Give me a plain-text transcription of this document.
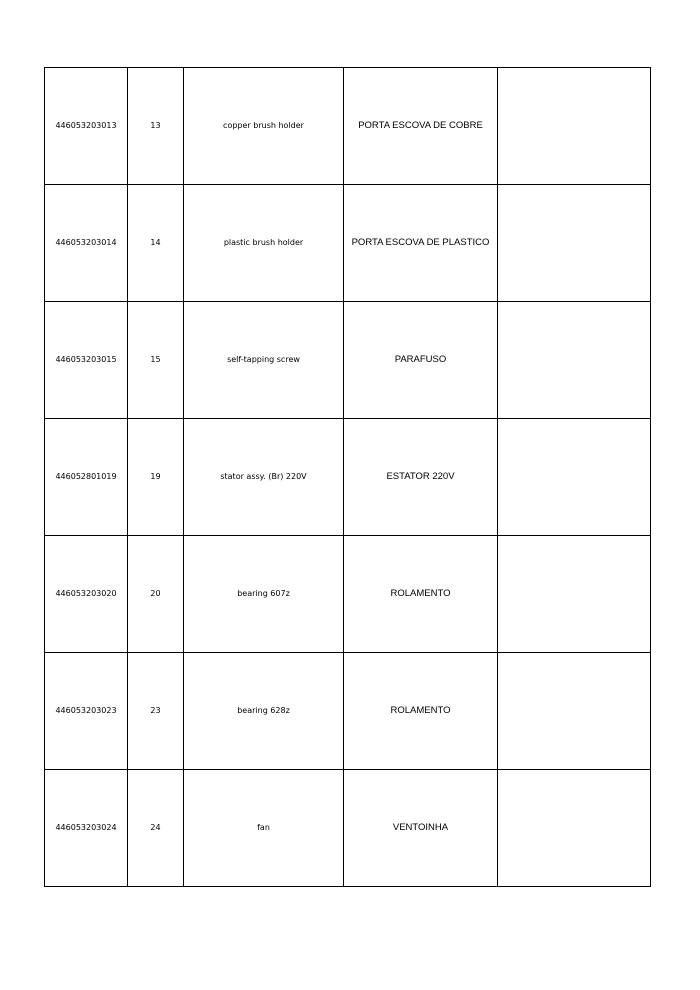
446053203013	13	copper brush holder	PORTA ESCOVA DE COBRE	
446053203014	14	plastic brush holder	PORTA ESCOVA DE PLASTICO	
446053203015	15	self-tapping screw	PARAFUSO	
446052801019	19	stator assy. (Br) 220V	ESTATOR 220V	
446053203020	20	bearing 607z	ROLAMENTO	
446053203023	23	bearing 628z	ROLAMENTO	
446053203024	24	fan	VENTOINHA	
